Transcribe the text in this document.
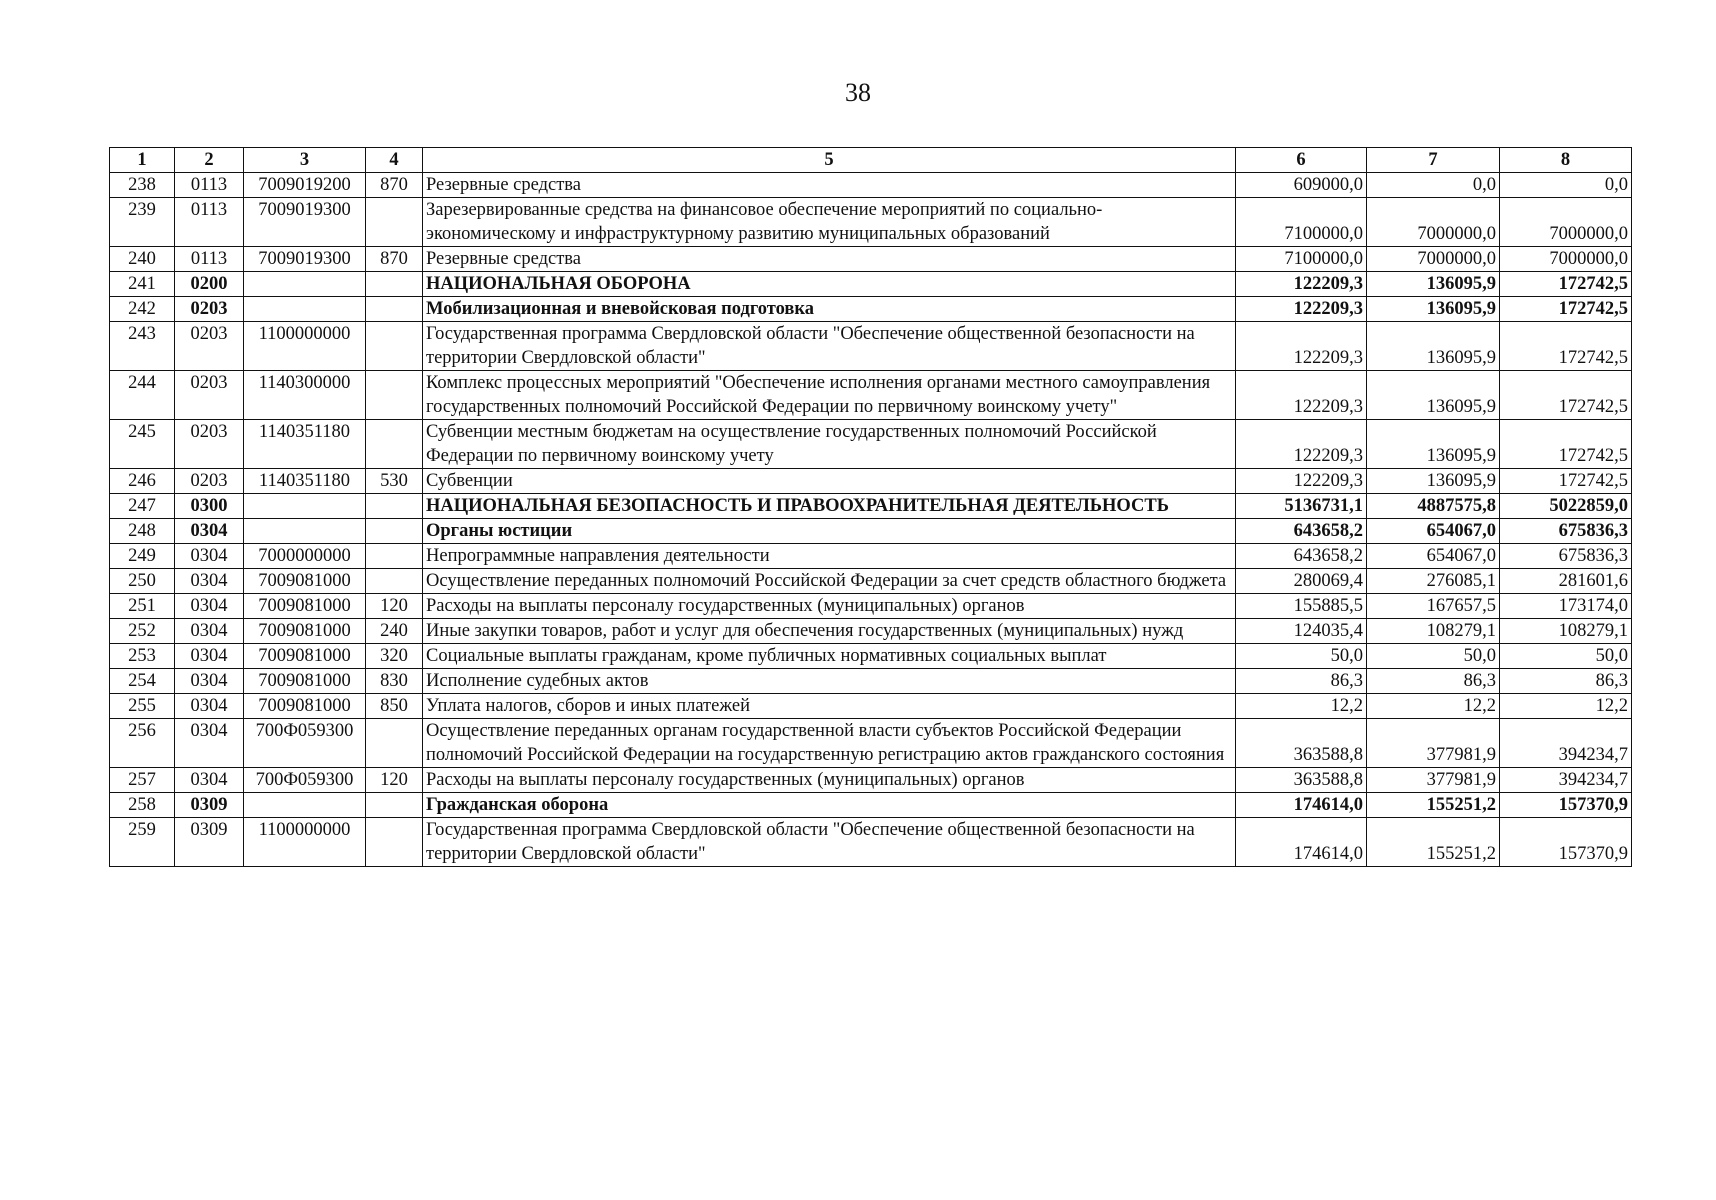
38
1	2	3	4	5	6	7	8
238	0113	7009019200	870	Резервные средства	609000,0	0,0	0,0
239	0113	7009019300		Зарезервированные средства на финансовое обеспечение мероприятий по социально-экономическому и инфраструктурному развитию муниципальных образований	7100000,0	7000000,0	7000000,0
240	0113	7009019300	870	Резервные средства	7100000,0	7000000,0	7000000,0
241	0200			НАЦИОНАЛЬНАЯ ОБОРОНА	122209,3	136095,9	172742,5
242	0203			Мобилизационная и вневойсковая подготовка	122209,3	136095,9	172742,5
243	0203	1100000000		Государственная программа Свердловской области "Обеспечение общественной безопасности на территории Свердловской области"	122209,3	136095,9	172742,5
244	0203	1140300000		Комплекс процессных мероприятий "Обеспечение исполнения органами местного самоуправления государственных полномочий Российской Федерации по первичному воинскому учету"	122209,3	136095,9	172742,5
245	0203	1140351180		Субвенции местным бюджетам на осуществление государственных полномочий Российской Федерации по первичному воинскому учету	122209,3	136095,9	172742,5
246	0203	1140351180	530	Субвенции	122209,3	136095,9	172742,5
247	0300			НАЦИОНАЛЬНАЯ БЕЗОПАСНОСТЬ И ПРАВООХРАНИТЕЛЬНАЯ ДЕЯТЕЛЬНОСТЬ	5136731,1	4887575,8	5022859,0
248	0304			Органы юстиции	643658,2	654067,0	675836,3
249	0304	7000000000		Непрограммные направления деятельности	643658,2	654067,0	675836,3
250	0304	7009081000		Осуществление переданных полномочий Российской Федерации за счет средств областного бюджета	280069,4	276085,1	281601,6
251	0304	7009081000	120	Расходы на выплаты персоналу государственных (муниципальных) органов	155885,5	167657,5	173174,0
252	0304	7009081000	240	Иные закупки товаров, работ и услуг для обеспечения государственных (муниципальных) нужд	124035,4	108279,1	108279,1
253	0304	7009081000	320	Социальные выплаты гражданам, кроме публичных нормативных социальных выплат	50,0	50,0	50,0
254	0304	7009081000	830	Исполнение судебных актов	86,3	86,3	86,3
255	0304	7009081000	850	Уплата налогов, сборов и иных платежей	12,2	12,2	12,2
256	0304	700Ф059300		Осуществление переданных органам государственной власти субъектов Российской Федерации полномочий Российской Федерации на государственную регистрацию актов гражданского состояния	363588,8	377981,9	394234,7
257	0304	700Ф059300	120	Расходы на выплаты персоналу государственных (муниципальных) органов	363588,8	377981,9	394234,7
258	0309			Гражданская оборона	174614,0	155251,2	157370,9
259	0309	1100000000		Государственная программа Свердловской области "Обеспечение общественной безопасности на территории Свердловской области"	174614,0	155251,2	157370,9
